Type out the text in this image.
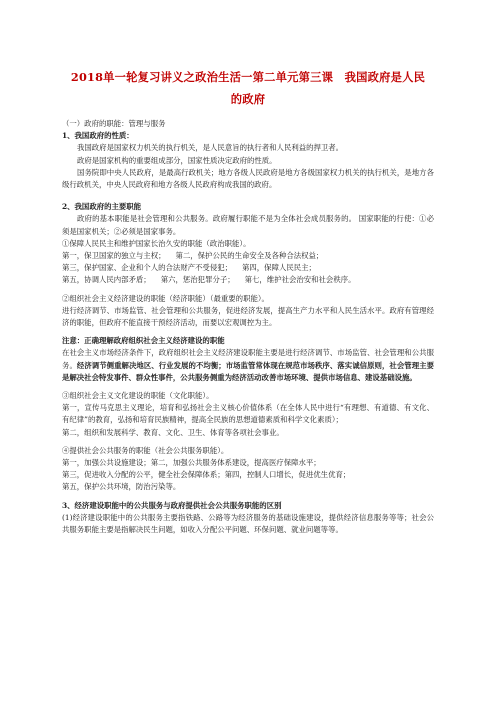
2018单一轮复习讲义之政治生活一第二单元第三课　我国政府是人民
的政府

（一）政府的职能：管理与服务

1、我国政府的性质：

我国政府是国家权力机关的执行机关，是人民意旨的执行者和人民利益的捍卫者。

政府是国家机构的重要组成部分，国家性质决定政府的性质。

国务院即中央人民政府，是最高行政机关；地方各级人民政府是地方各级国家权力机关的执行机关，是地方各级行政机关，中央人民政府和地方各级人民政府构成我国的政府。

2、我国政府的主要职能

政府的基本职能是社会管理和公共服务。政府履行职能不是为全体社会成员服务的。 国家职能的行使：①必须是国家机关；②必须是国家事务。

①保障人民民主和维护国家长治久安的职能（政治职能）。

第一，保卫国家的独立与主权； 第二，保护公民的生命安全及各种合法权益；
第三，保护国家、企业和个人的合法财产不受侵犯； 第四，保障人民民主；
第五，协调人民内部矛盾； 第六，惩治犯罪分子； 第七，维护社会治安和社会秩序。

②组织社会主义经济建设的职能（经济职能）（最重要的职能）。

进行经济调节、市场监管、社会管理和公共服务，促进经济发展，提高生产力水平和人民生活水平。政府有管理经济的职能，但政府不能直接干预经济活动，而要以宏观调控为主。

注意：正确理解政府组织社会主义经济建设的职能

在社会主义市场经济条件下，政府组织社会主义经济建设职能主要是进行经济调节、市场监管、社会管理和公共服务。经济调节侧重解决地区、行业发展的不均衡；市场监管常体现在规范市场秩序、落实诚信原则，社会管理主要是解决社会特发事件、群众性事件，公共服务侧重为经济活动改善市场环境、提供市场信息、建设基础设施。

③组织社会主义文化建设的职能（文化职能）。

第一，宣传马克思主义理论，培育和弘扬社会主义核心价值体系（在全体人民中进行“有理想、有道德、有文化、有纪律”的教育，弘扬和培育民族精神，提高全民族的思想道德素质和科学文化素质）；

第二，组织和发展科学、教育、文化、卫生、体育等各项社会事业。

④提供社会公共服务的职能（社会公共服务职能）。

第一，加强公共设施建设；第二，加强公共服务体系建设，提高医疗保障水平；

第三，促进收入分配的公平，健全社会保障体系；第四，控制人口增长，促进优生优育；

第五，保护公共环境，防治污染等。

3、经济建设职能中的公共服务与政府提供社会公共服务职能的区别

(1)经济建设职能中的公共服务主要指铁路、公路等为经济服务的基础设施建设，提供经济信息服务等等；社会公共服务职能主要是指解决民生问题，如收入分配公平问题、环保问题、就业问题等等。
